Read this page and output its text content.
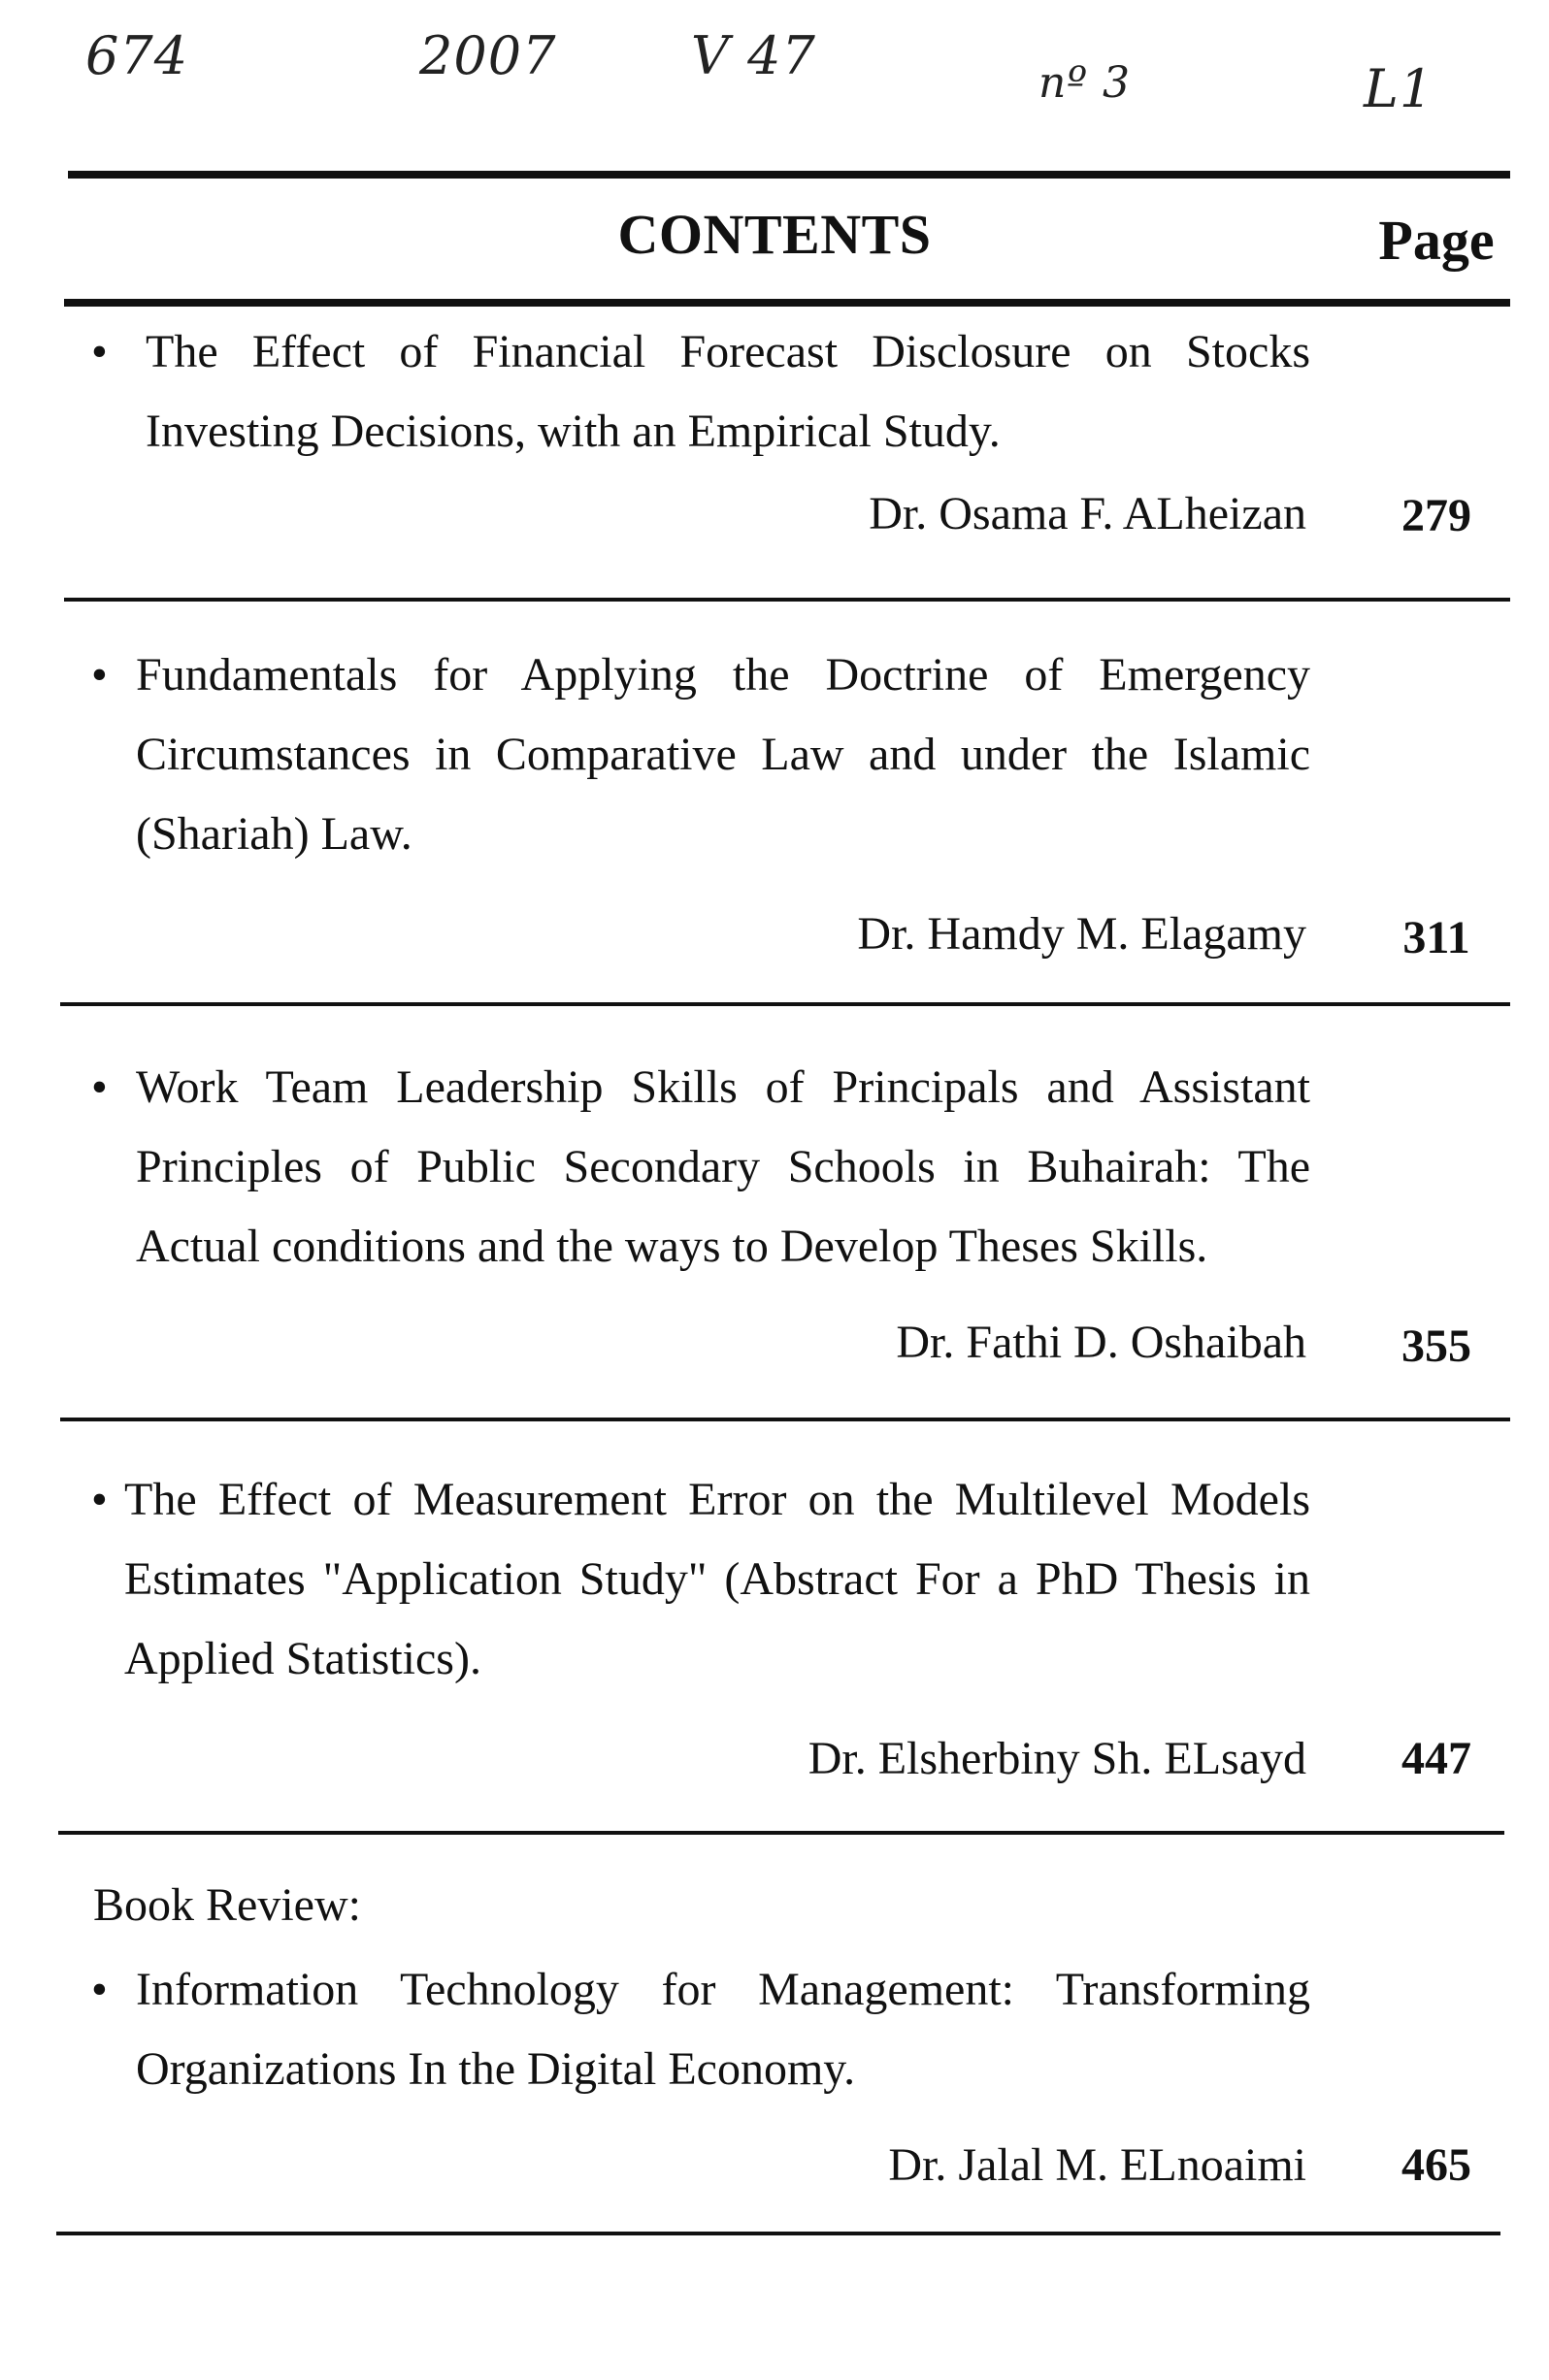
674	2007	V 47	nº 3	L1
CONTENTS	Page
• The Effect of Financial Forecast Disclosure on Stocks Investing Decisions, with an Empirical Study.
Dr. Osama F. ALheizan	279
• Fundamentals for Applying the Doctrine of Emergency Circumstances in Comparative Law and under the Islamic (Shariah) Law.
Dr. Hamdy M. Elagamy	311
• Work Team Leadership Skills of Principals and Assistant Principles of Public Secondary Schools in Buhairah: The Actual conditions and the ways to Develop Theses Skills.
Dr. Fathi D. Oshaibah	355
• The Effect of Measurement Error on the Multilevel Models Estimates "Application Study" (Abstract For a PhD Thesis in Applied Statistics).
Dr. Elsherbiny Sh. ELsayd	447
Book Review:
• Information Technology for Management: Transforming Organizations In the Digital Economy.
Dr. Jalal M. ELnoaimi	465
